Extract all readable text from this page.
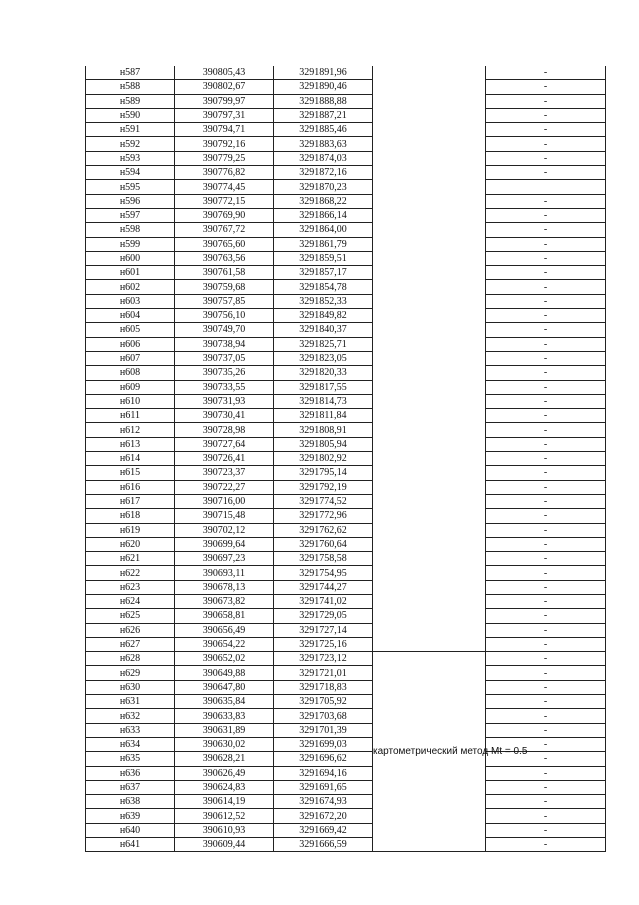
н587	390805,43	3291891,96		-
н588	390802,67	3291890,46		-
н589	390799,97	3291888,88		-
н590	390797,31	3291887,21		-
н591	390794,71	3291885,46		-
н592	390792,16	3291883,63		-
н593	390779,25	3291874,03		-
н594	390776,82	3291872,16		-
н595	390774,45	3291870,23		
н596	390772,15	3291868,22		-
н597	390769,90	3291866,14		-
н598	390767,72	3291864,00		-
н599	390765,60	3291861,79		-
н600	390763,56	3291859,51		-
н601	390761,58	3291857,17		-
н602	390759,68	3291854,78		-
н603	390757,85	3291852,33		-
н604	390756,10	3291849,82		-
н605	390749,70	3291840,37		-
н606	390738,94	3291825,71		-
н607	390737,05	3291823,05		-
н608	390735,26	3291820,33		-
н609	390733,55	3291817,55		-
н610	390731,93	3291814,73		-
н611	390730,41	3291811,84		-
н612	390728,98	3291808,91		-
н613	390727,64	3291805,94		-
н614	390726,41	3291802,92		-
н615	390723,37	3291795,14		-
н616	390722,27	3291792,19		-
н617	390716,00	3291774,52		-
н618	390715,48	3291772,96		-
н619	390702,12	3291762,62		-
н620	390699,64	3291760,64		-
н621	390697,23	3291758,58		-
н622	390693,11	3291754,95		-
н623	390678,13	3291744,27		-
н624	390673,82	3291741,02		-
н625	390658,81	3291729,05		-
н626	390656,49	3291727,14		-
н627	390654,22	3291725,16		-
н628	390652,02	3291723,12	картометрический метод Mt = 0.5	-
н629	390649,88	3291721,01		-
н630	390647,80	3291718,83		-
н631	390635,84	3291705,92		-
н632	390633,83	3291703,68		-
н633	390631,89	3291701,39		-
н634	390630,02	3291699,03		-
н635	390628,21	3291696,62		-
н636	390626,49	3291694,16		-
н637	390624,83	3291691,65		-
н638	390614,19	3291674,93		-
н639	390612,52	3291672,20		-
н640	390610,93	3291669,42		-
н641	390609,44	3291666,59		-
